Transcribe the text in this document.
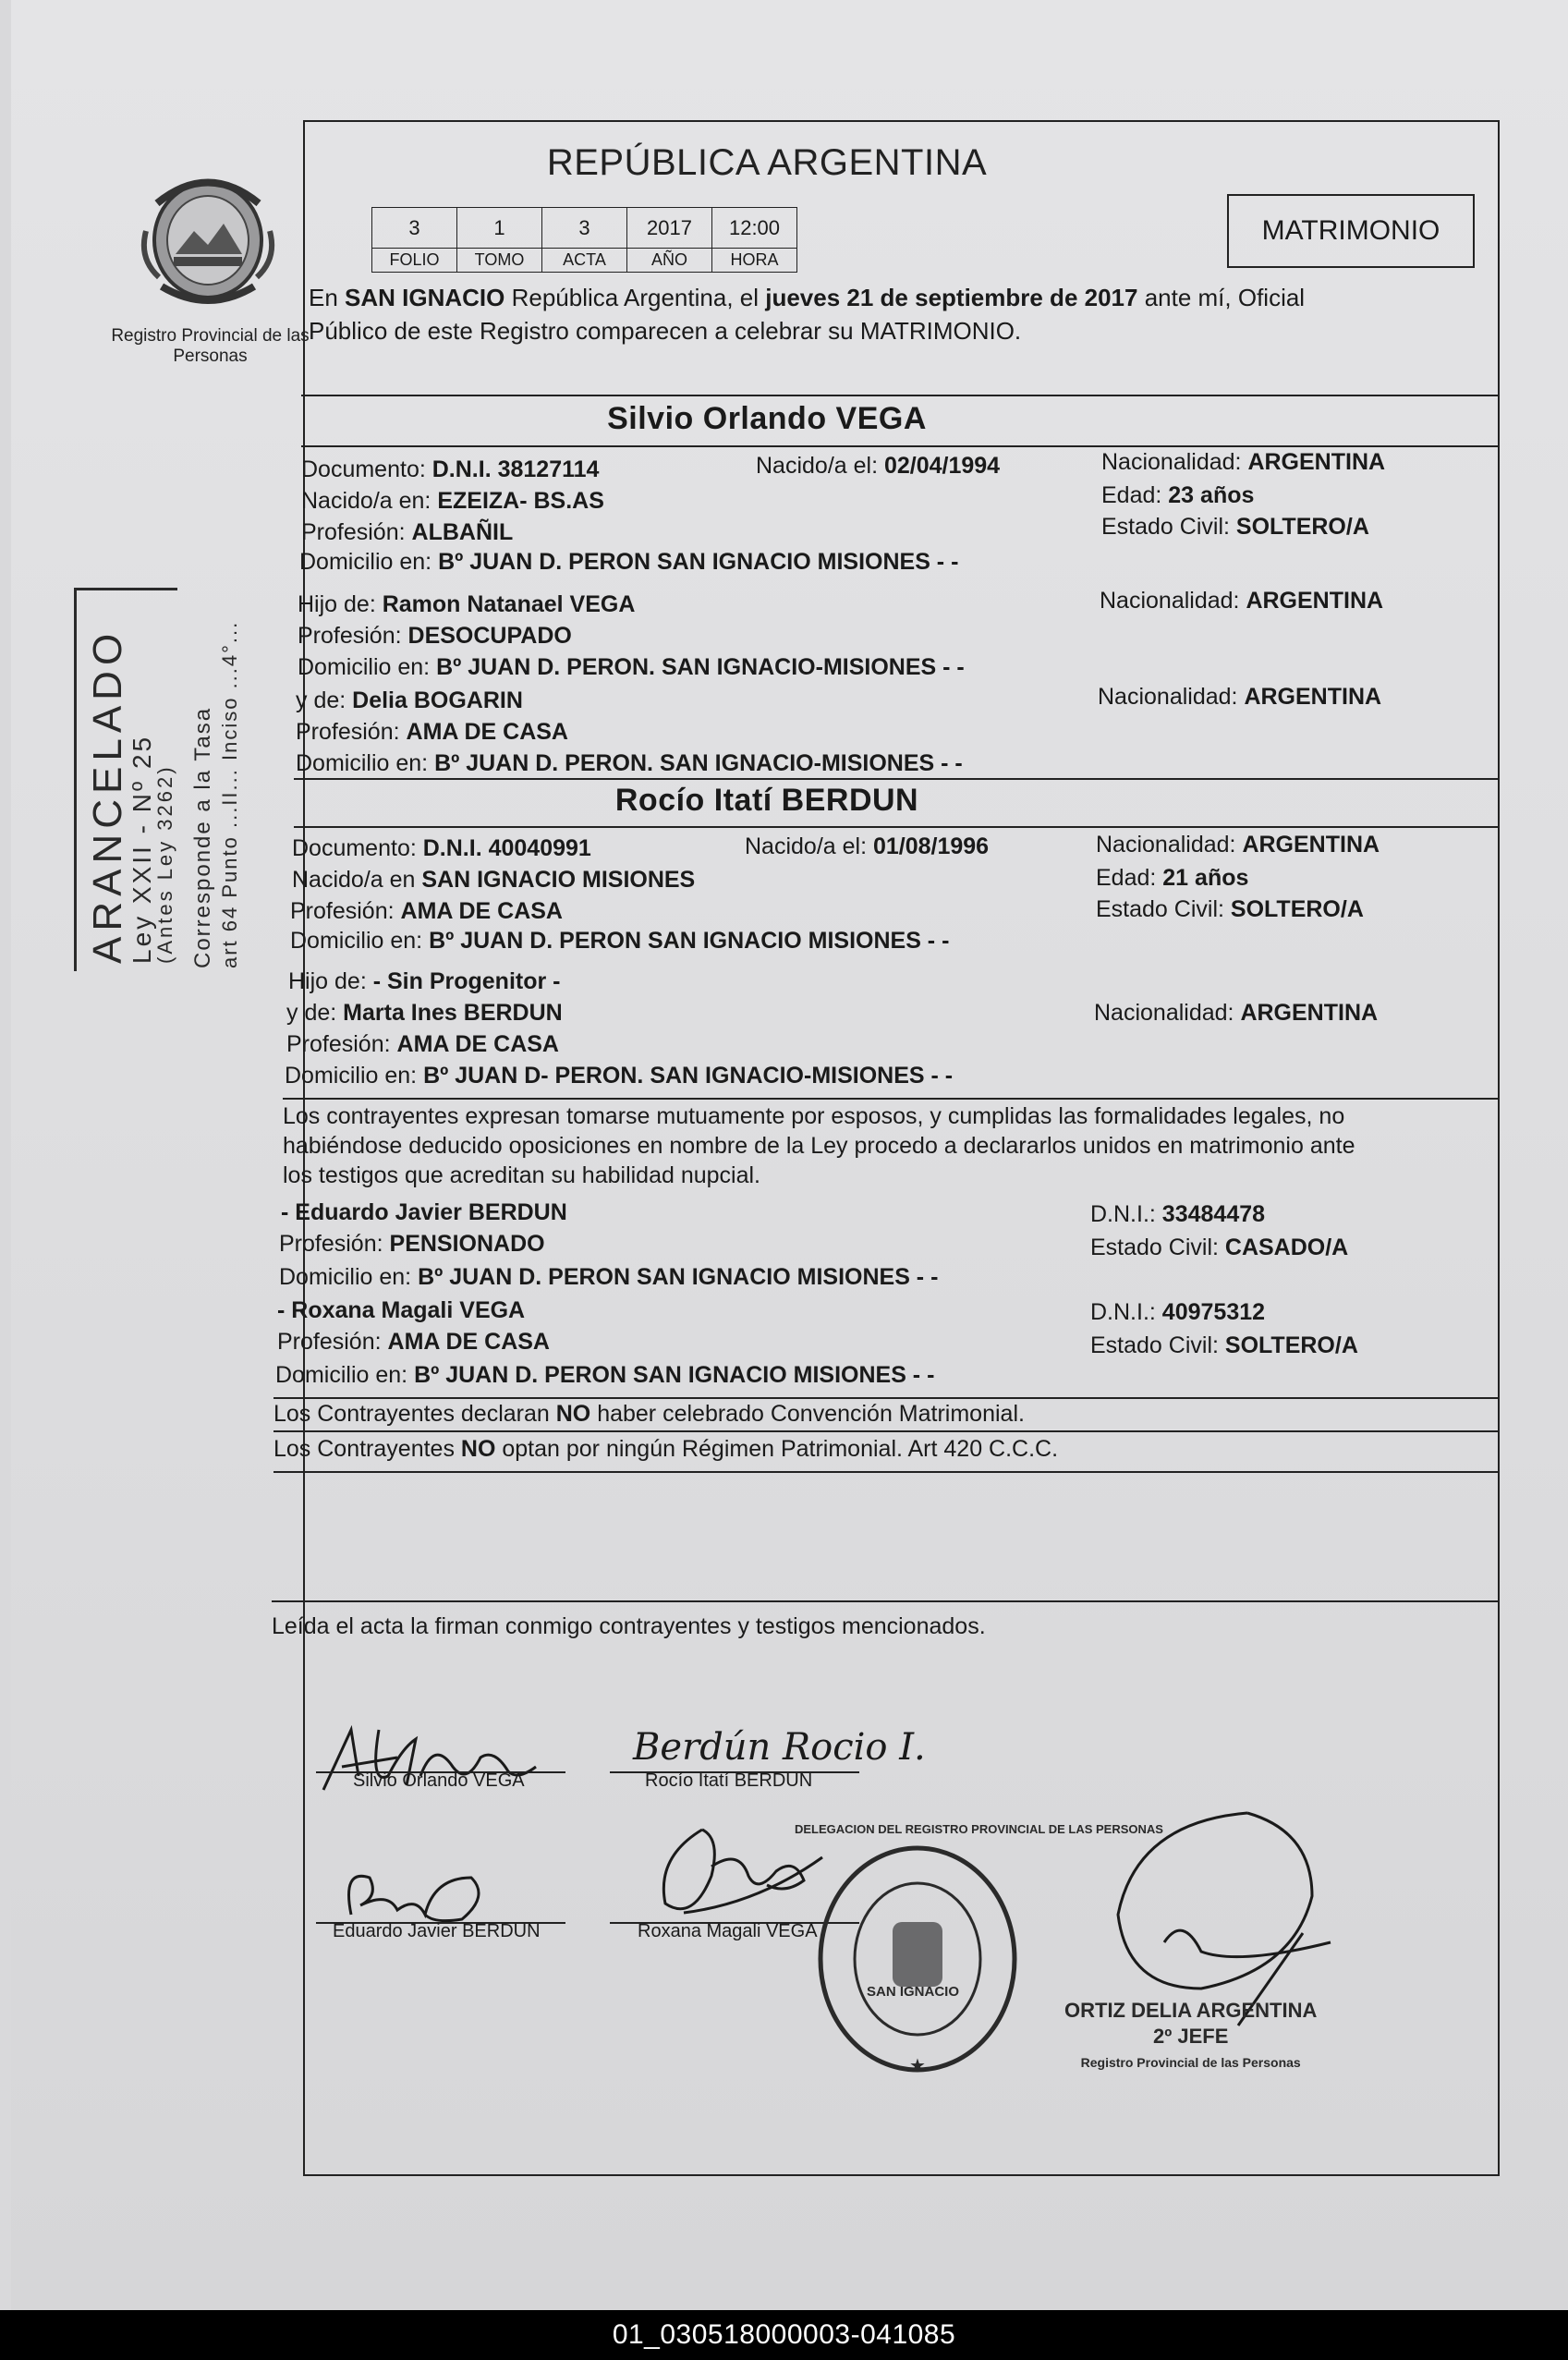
Registro Provincial de las Personas
ARANCELADO
Ley XXII - Nº 25
(Antes Ley 3262) Corresponde a la Tasa art 64 Punto ...II... Inciso ...4°...
REPÚBLICA ARGENTINA
3	1	3	2017	12:00
FOLIO	TOMO	ACTA	AÑO	HORA
MATRIMONIO
En SAN IGNACIO República Argentina, el jueves 21 de septiembre de 2017 ante mí, Oficial
Público de este Registro comparecen a celebrar su MATRIMONIO.
Silvio Orlando VEGA
Documento: D.N.I. 38127114	Nacido/a el: 02/04/1994	Nacionalidad: ARGENTINA
Nacido/a en: EZEIZA- BS.AS	Edad: 23 años
Profesión: ALBAÑIL	Estado Civil: SOLTERO/A
Domicilio en: Bº JUAN D. PERON SAN IGNACIO MISIONES - -
Hijo de: Ramon Natanael VEGA	Nacionalidad: ARGENTINA
Profesión: DESOCUPADO
Domicilio en: Bº JUAN D. PERON. SAN IGNACIO-MISIONES - -
y de: Delia BOGARIN	Nacionalidad: ARGENTINA
Profesión: AMA DE CASA
Domicilio en: Bº JUAN D. PERON. SAN IGNACIO-MISIONES - -
Rocío Itatí BERDUN
Documento: D.N.I. 40040991	Nacido/a el: 01/08/1996	Nacionalidad: ARGENTINA
Nacido/a en SAN IGNACIO MISIONES	Edad: 21 años
Profesión: AMA DE CASA	Estado Civil: SOLTERO/A
Domicilio en: Bº JUAN D. PERON SAN IGNACIO MISIONES - -
Hijo de: - Sin Progenitor -
y de: Marta Ines BERDUN	Nacionalidad: ARGENTINA
Profesión: AMA DE CASA
Domicilio en: Bº JUAN D- PERON. SAN IGNACIO-MISIONES - -
Los contrayentes expresan tomarse mutuamente por esposos, y cumplidas las formalidades legales, no
habiéndose deducido oposiciones en nombre de la Ley procedo a declararlos unidos en matrimonio ante
los testigos que acreditan su habilidad nupcial.
- Eduardo Javier BERDUN	D.N.I.: 33484478
Profesión: PENSIONADO	Estado Civil: CASADO/A
Domicilio en: Bº JUAN D. PERON SAN IGNACIO MISIONES - -
- Roxana Magali VEGA	D.N.I.: 40975312
Profesión: AMA DE CASA	Estado Civil: SOLTERO/A
Domicilio en: Bº JUAN D. PERON SAN IGNACIO MISIONES - -
Los Contrayentes declaran NO haber celebrado Convención Matrimonial.
Los Contrayentes NO optan por ningún Régimen Patrimonial. Art 420 C.C.C.
Leída el acta la firman conmigo contrayentes y testigos mencionados.
Silvio Orlando VEGA
Berdún Rocio I.
Rocío Itatí BERDUN
Eduardo Javier BERDUN	Roxana Magali VEGA
★
SAN IGNACIO
DELEGACION DEL REGISTRO PROVINCIAL DE LAS PERSONAS
ORTIZ DELIA ARGENTINA
2º JEFE
Registro Provincial de las Personas
01_030518000003-041085
